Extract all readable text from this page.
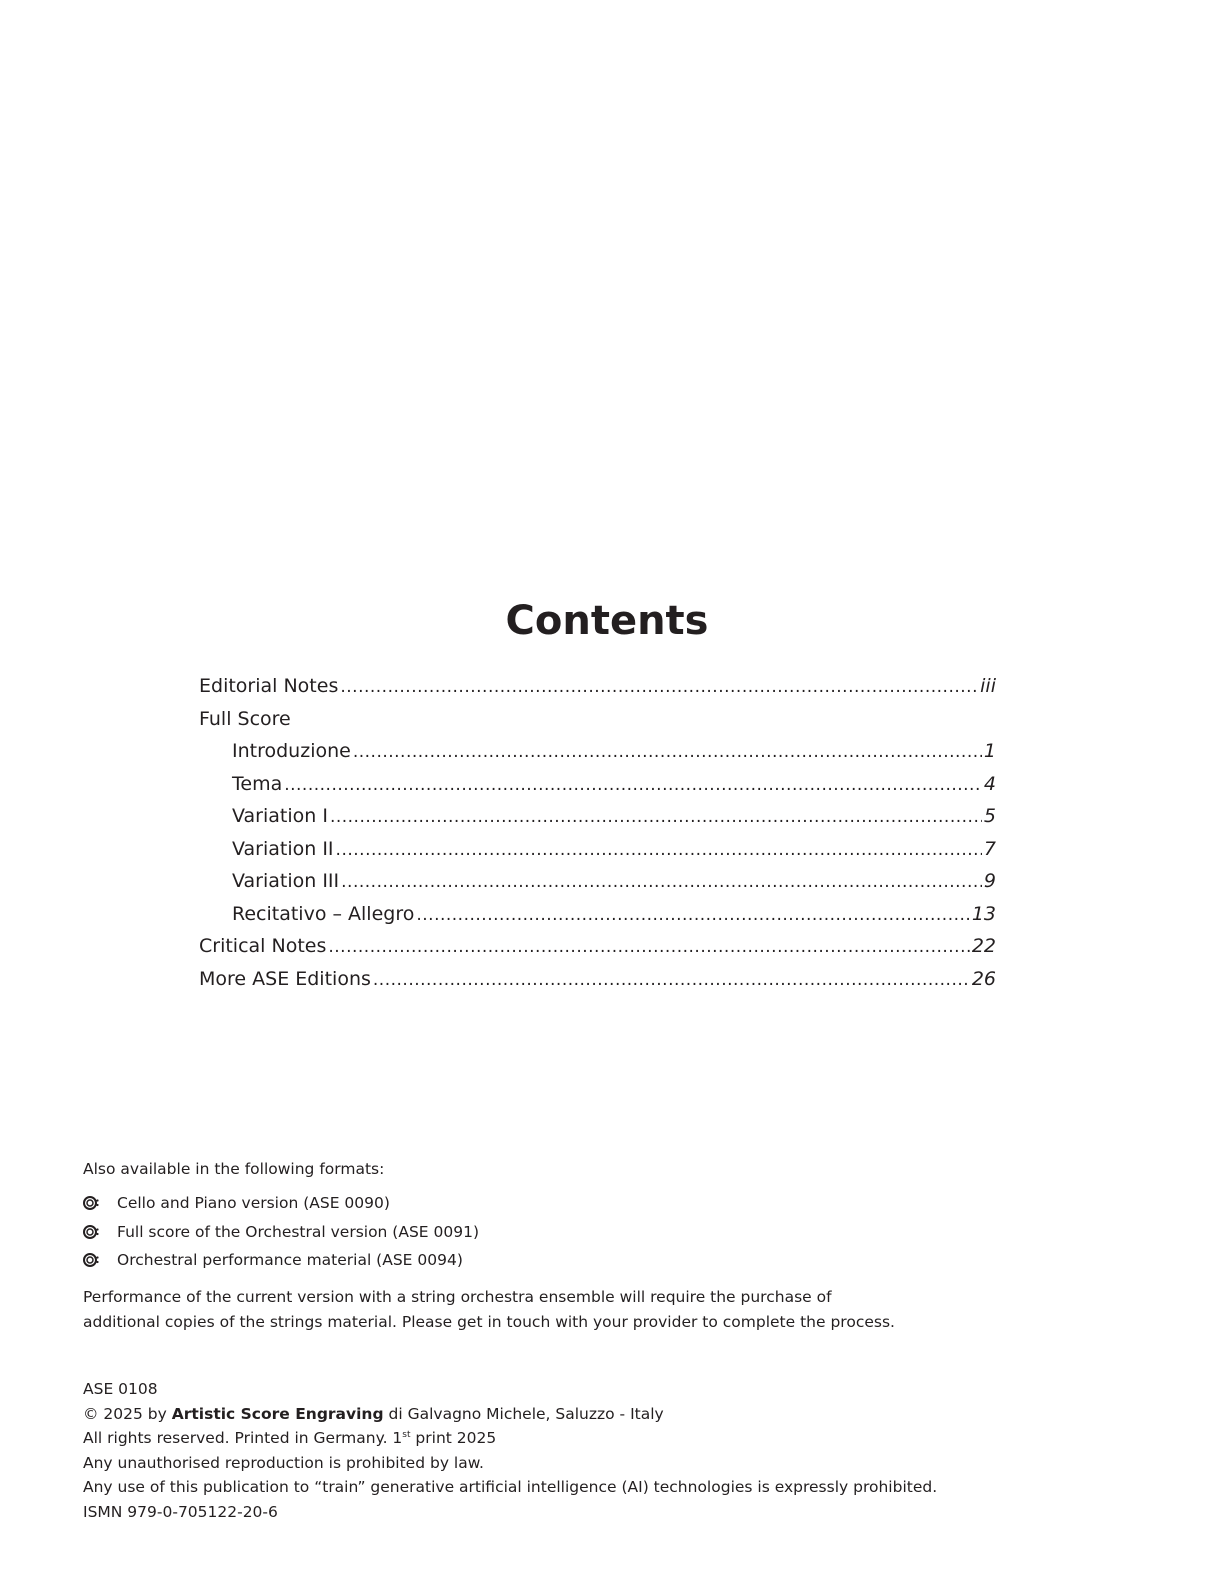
Contents
Editorial Notes .....	iii
Full Score
Introduzione .....	1
Tema .....	4
Variation I .....	5
Variation II .....	7
Variation III .....	9
Recitativo – Allegro .....	13
Critical Notes .....	22
More ASE Editions .....	26
Also available in the following formats:
Cello and Piano version (ASE 0090)
Full score of the Orchestral version (ASE 0091)
Orchestral performance material (ASE 0094)
Performance of the current version with a string orchestra ensemble will require the purchase of additional copies of the strings material. Please get in touch with your provider to complete the process.
ASE 0108
© 2025 by Artistic Score Engraving di Galvagno Michele, Saluzzo - Italy
All rights reserved. Printed in Germany. 1st print 2025
Any unauthorised reproduction is prohibited by law.
Any use of this publication to “train” generative artificial intelligence (AI) technologies is expressly prohibited.
ISMN 979-0-705122-20-6
